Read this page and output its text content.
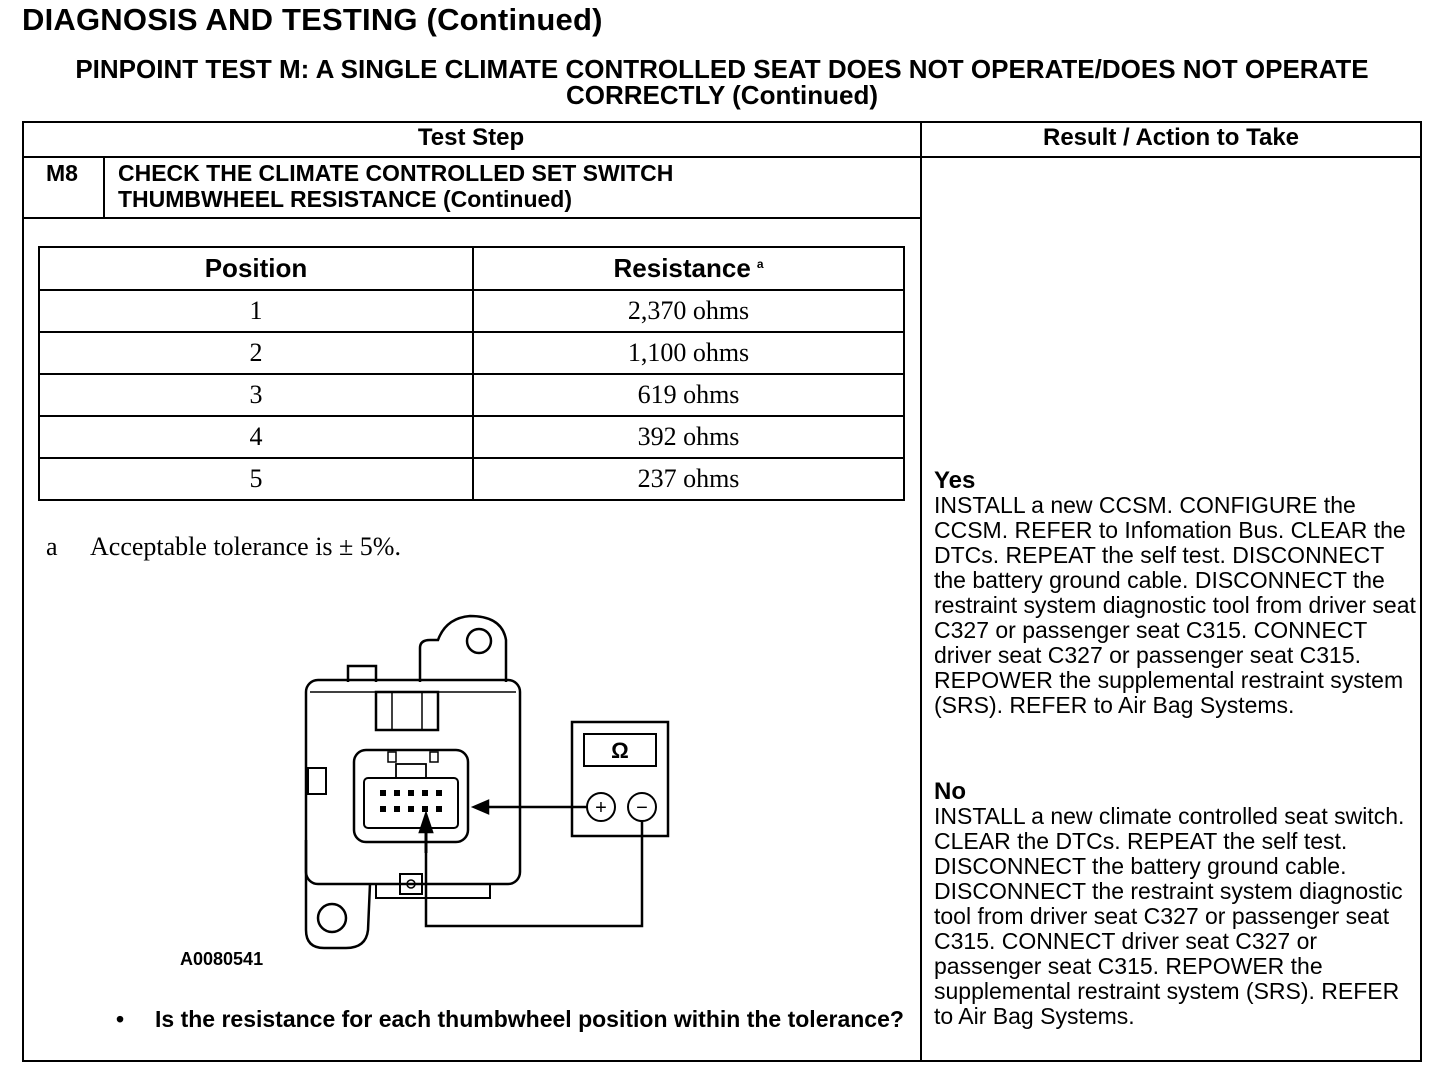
DIAGNOSIS AND TESTING (Continued)
PINPOINT TEST M: A SINGLE CLIMATE CONTROLLED SEAT DOES NOT OPERATE/DOES NOT OPERATE CORRECTLY (Continued)
Test Step	Result / Action to Take
M8 CHECK THE CLIMATE CONTROLLED SET SWITCH THUMBWHEEL RESISTANCE (Continued)
Position	Resistance $^a$
1	2,370 ohms
2	1,100 ohms
3	619 ohms
4	392 ohms
5	237 ohms
a Acceptable tolerance is ± 5%.
Ω
+ −
A0080541
• Is the resistance for each thumbwheel position within the tolerance?
Yes
INSTALL a new CCSM. CONFIGURE the CCSM. REFER to Infomation Bus. CLEAR the DTCs. REPEAT the self test. DISCONNECT the battery ground cable. DISCONNECT the restraint system diagnostic tool from driver seat C327 or passenger seat C315. CONNECT driver seat C327 or passenger seat C315. REPOWER the supplemental restraint system (SRS). REFER to Air Bag Systems.
No
INSTALL a new climate controlled seat switch. CLEAR the DTCs. REPEAT the self test. DISCONNECT the battery ground cable. DISCONNECT the restraint system diagnostic tool from driver seat C327 or passenger seat C315. CONNECT driver seat C327 or passenger seat C315. REPOWER the supplemental restraint system (SRS). REFER to Air Bag Systems.
